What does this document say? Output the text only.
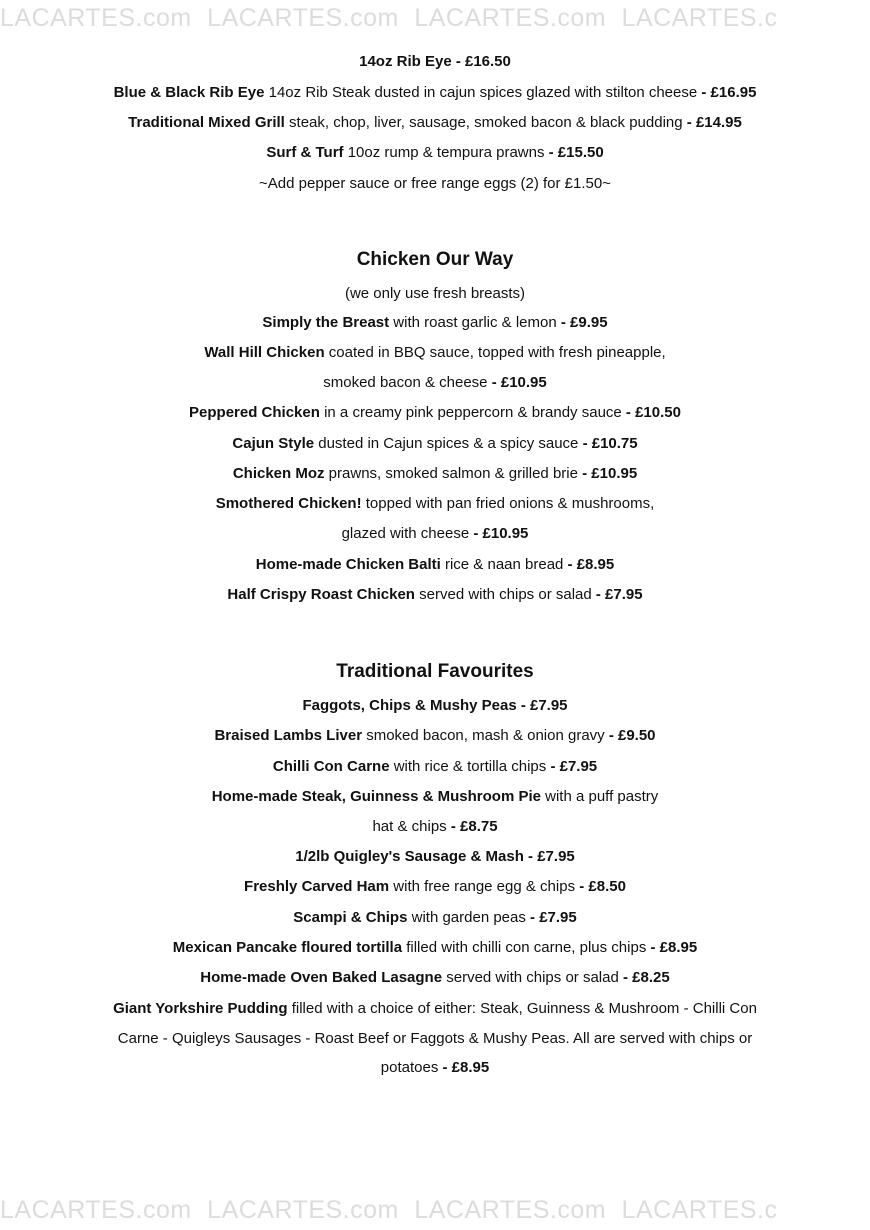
LACARTES.com LACARTES.com LACARTES.com LACARTES.c
14oz Rib Eye - £16.50
Blue & Black Rib Eye 14oz Rib Steak dusted in cajun spices glazed with stilton cheese - £16.95
Traditional Mixed Grill steak, chop, liver, sausage, smoked bacon & black pudding - £14.95
Surf & Turf 10oz rump & tempura prawns - £15.50
~Add pepper sauce or free range eggs (2) for £1.50~
Chicken Our Way
(we only use fresh breasts)
Simply the Breast with roast garlic & lemon - £9.95
Wall Hill Chicken coated in BBQ sauce, topped with fresh pineapple,
smoked bacon & cheese - £10.95
Peppered Chicken in a creamy pink peppercorn & brandy sauce - £10.50
Cajun Style dusted in Cajun spices & a spicy sauce - £10.75
Chicken Moz prawns, smoked salmon & grilled brie - £10.95
Smothered Chicken! topped with pan fried onions & mushrooms,
glazed with cheese - £10.95
Home-made Chicken Balti rice & naan bread - £8.95
Half Crispy Roast Chicken served with chips or salad - £7.95
Traditional Favourites
Faggots, Chips & Mushy Peas - £7.95
Braised Lambs Liver smoked bacon, mash & onion gravy - £9.50
Chilli Con Carne with rice & tortilla chips - £7.95
Home-made Steak, Guinness & Mushroom Pie with a puff pastry
hat & chips - £8.75
1/2lb Quigley's Sausage & Mash - £7.95
Freshly Carved Ham with free range egg & chips - £8.50
Scampi & Chips with garden peas - £7.95
Mexican Pancake floured tortilla filled with chilli con carne, plus chips - £8.95
Home-made Oven Baked Lasagne served with chips or salad - £8.25
Giant Yorkshire Pudding filled with a choice of either: Steak, Guinness & Mushroom - Chilli Con
Carne - Quigleys Sausages - Roast Beef or Faggots & Mushy Peas. All are served with chips or
potatoes - £8.95
LACARTES.com LACARTES.com LACARTES.com LACARTES.c
